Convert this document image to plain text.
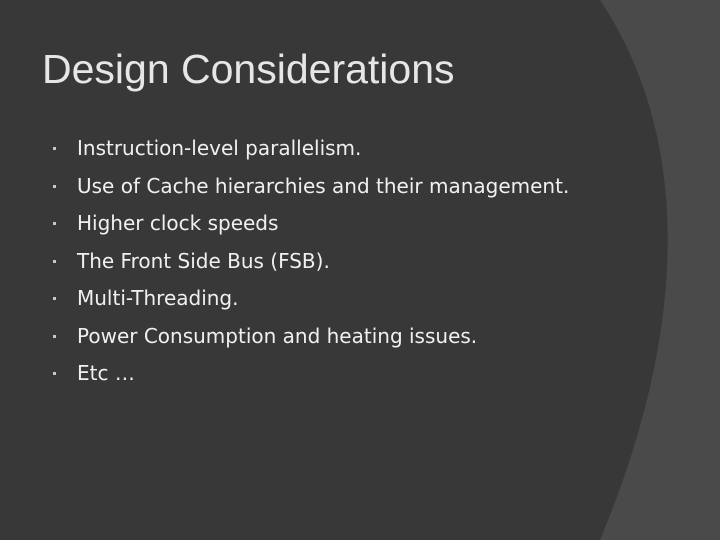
Design Considerations
Instruction-level parallelism.
Use of Cache hierarchies and their management.
Higher clock speeds
The Front Side Bus (FSB).
Multi-Threading.
Power Consumption and heating issues.
Etc …
